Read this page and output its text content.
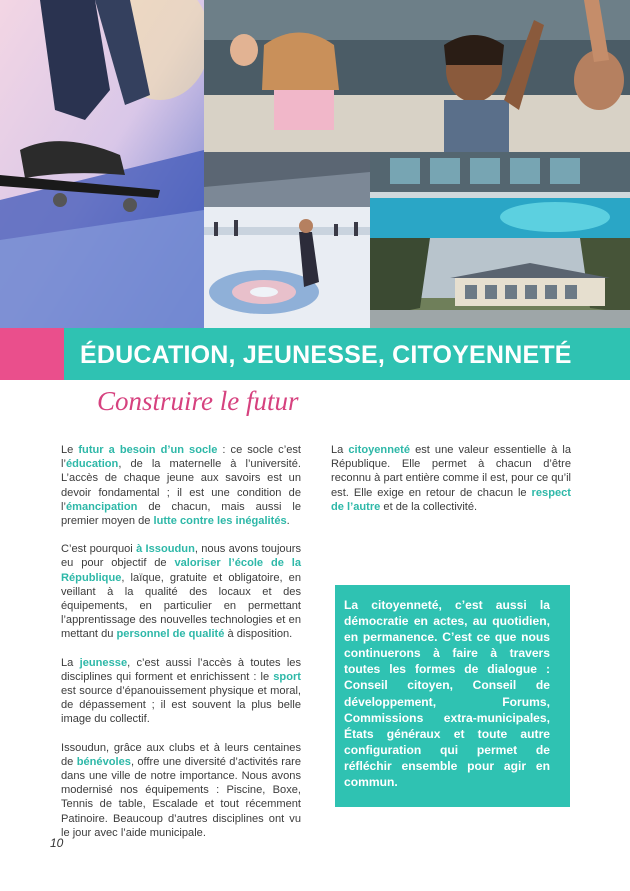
ÉDUCATION, JEUNESSE, CITOYENNETÉ
Construire le futur

Le futur a besoin d’un socle : ce socle c’est l’éducation, de la maternelle à l’université. L’accès de chaque jeune aux savoirs est un devoir fondamental ; il est une condition de l’émancipation de chacun, mais aussi le premier moyen de lutte contre les inégalités.

C’est pourquoi à Issoudun, nous avons toujours eu pour objectif de valoriser l’école de la République, laïque, gratuite et obligatoire, en veillant à la qualité des locaux et des équipements, en particulier en permettant l’apprentissage des nouvelles technologies et en mettant du personnel de qualité à disposition.

La jeunesse, c’est aussi l’accès à toutes les disciplines qui forment et enrichissent : le sport est source d’épanouissement physique et moral, de dépassement ; il est souvent la plus belle image du collectif.

Issoudun, grâce aux clubs et à leurs centaines de bénévoles, offre une diversité d’activités rare dans une ville de notre importance. Nous avons modernisé nos équipements : Piscine, Boxe, Tennis de table, Escalade et tout récemment Patinoire. Beaucoup d’autres disciplines ont vu le jour avec l’aide municipale.

La citoyenneté est une valeur essentielle à la République. Elle permet à chacun d’être reconnu à part entière comme il est, pour ce qu’il est. Elle exige en retour de chacun le respect de l’autre et de la collectivité.

La citoyenneté, c’est aussi la démocratie en actes, au quotidien, en permanence. C’est ce que nous continuerons à faire à travers toutes les formes de dialogue : Conseil citoyen, Conseil de développement, Forums, Commissions extra-municipales, États généraux et toute autre configuration qui permet de réfléchir ensemble pour agir en commun.
10
